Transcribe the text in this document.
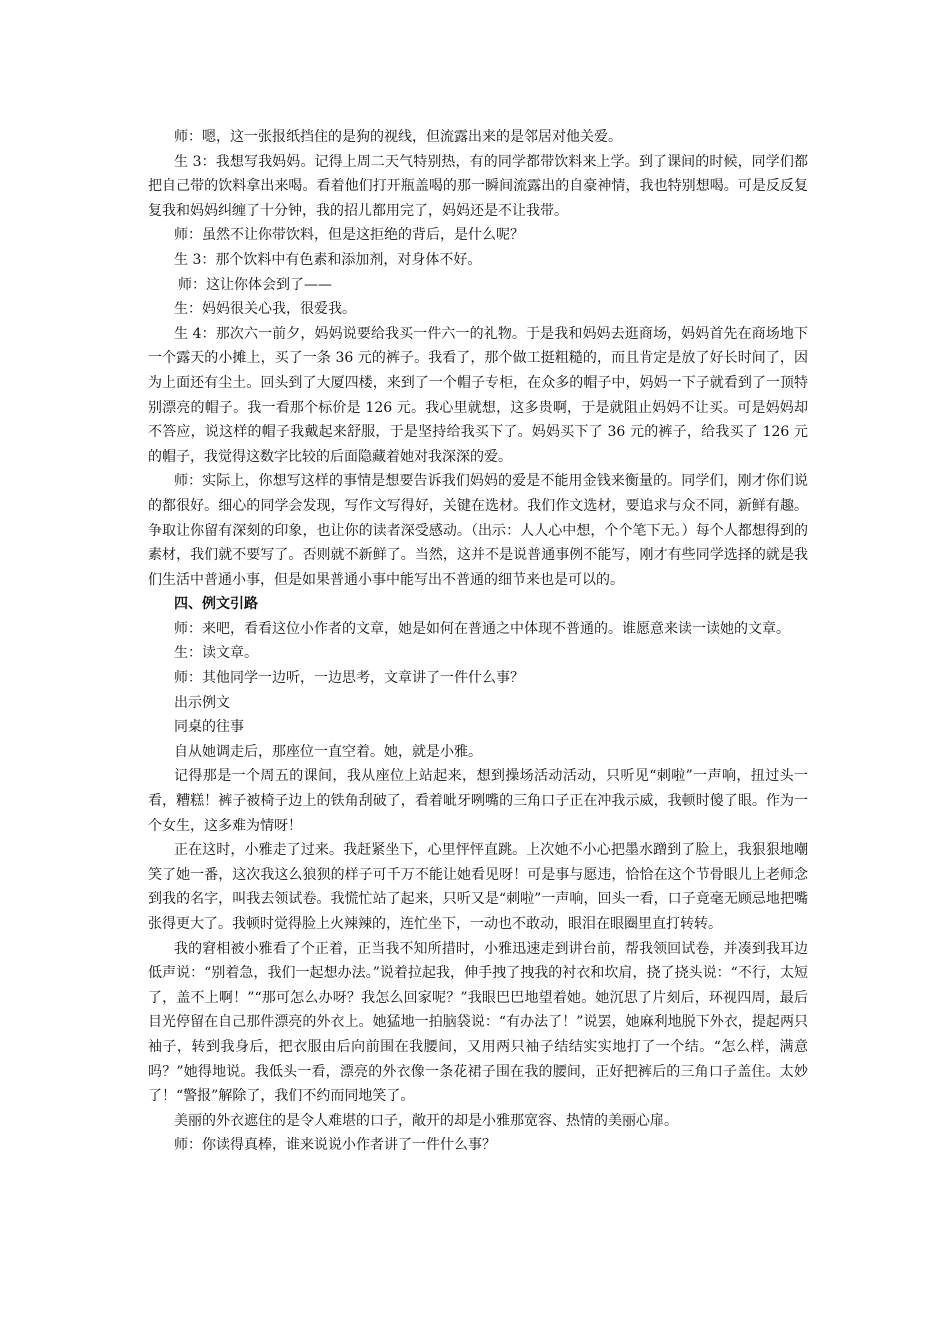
师：嗯，这一张报纸挡住的是狗的视线，但流露出来的是邻居对他关爱。

生 3：我想写我妈妈。记得上周二天气特别热，有的同学都带饮料来上学。到了课间的时候，同学们都把自己带的饮料拿出来喝。看着他们打开瓶盖喝的那一瞬间流露出的自豪神情，我也特别想喝。可是反反复复我和妈妈纠缠了十分钟，我的招儿都用完了，妈妈还是不让我带。

师：虽然不让你带饮料，但是这拒绝的背后，是什么呢？

生 3：那个饮料中有色素和添加剂，对身体不好。

师：这让你体会到了——

生：妈妈很关心我，很爱我。

生 4：那次六一前夕，妈妈说要给我买一件六一的礼物。于是我和妈妈去逛商场，妈妈首先在商场地下一个露天的小摊上，买了一条 36 元的裤子。我看了，那个做工挺粗糙的，而且肯定是放了好长时间了，因为上面还有尘土。回头到了大厦四楼，来到了一个帽子专柜，在众多的帽子中，妈妈一下子就看到了一顶特别漂亮的帽子。我一看那个标价是 126 元。我心里就想，这多贵啊，于是就阻止妈妈不让买。可是妈妈却不答应，说这样的帽子我戴起来舒服，于是坚持给我买下了。妈妈买下了 36 元的裤子，给我买了 126 元的帽子，我觉得这数字比较的后面隐藏着她对我深深的爱。

师：实际上，你想写这样的事情是想要告诉我们妈妈的爱是不能用金钱来衡量的。同学们，刚才你们说的都很好。细心的同学会发现，写作文写得好，关键在选材。我们作文选材，要追求与众不同，新鲜有趣。争取让你留有深刻的印象，也让你的读者深受感动。（出示：人人心中想，个个笔下无。）每个人都想得到的素材，我们就不要写了。否则就不新鲜了。当然，这并不是说普通事例不能写，刚才有些同学选择的就是我们生活中普通小事，但是如果普通小事中能写出不普通的细节来也是可以的。

四、例文引路

师：来吧，看看这位小作者的文章，她是如何在普通之中体现不普通的。谁愿意来读一读她的文章。

生：读文章。

师：其他同学一边听，一边思考，文章讲了一件什么事？

出示例文

同桌的往事

自从她调走后，那座位一直空着。她，就是小雅。

记得那是一个周五的课间，我从座位上站起来，想到操场活动活动，只听见“刺啦”一声响，扭过头一看，糟糕！裤子被椅子边上的铁角刮破了，看着呲牙咧嘴的三角口子正在冲我示威，我顿时傻了眼。作为一个女生，这多难为情呀！

正在这时，小雅走了过来。我赶紧坐下，心里怦怦直跳。上次她不小心把墨水蹭到了脸上，我狠狠地嘲笑了她一番，这次我这么狼狈的样子可千万不能让她看见呀！可是事与愿违，恰恰在这个节骨眼儿上老师念到我的名字，叫我去领试卷。我慌忙站了起来，只听又是“刺啦”一声响，回头一看，口子竟毫无顾忌地把嘴张得更大了。我顿时觉得脸上火辣辣的，连忙坐下，一动也不敢动，眼泪在眼圈里直打转转。

我的窘相被小雅看了个正着，正当我不知所措时，小雅迅速走到讲台前，帮我领回试卷，并凑到我耳边低声说：“别着急，我们一起想办法。”说着拉起我，伸手拽了拽我的衬衣和坎肩，挠了挠头说：“不行，太短了，盖不上啊！”“那可怎么办呀？我怎么回家呢？”我眼巴巴地望着她。她沉思了片刻后，环视四周，最后目光停留在自己那件漂亮的外衣上。她猛地一拍脑袋说：“有办法了！”说罢，她麻利地脱下外衣，提起两只袖子，转到我身后，把衣服由后向前围在我腰间，又用两只袖子结结实实地打了一个结。“怎么样，满意吗？”她得地说。我低头一看，漂亮的外衣像一条花裙子围在我的腰间，正好把裤后的三角口子盖住。太妙了！“警报”解除了，我们不约而同地笑了。

美丽的外衣遮住的是令人难堪的口子，敞开的却是小雅那宽容、热情的美丽心扉。

师：你读得真棒，谁来说说小作者讲了一件什么事？
